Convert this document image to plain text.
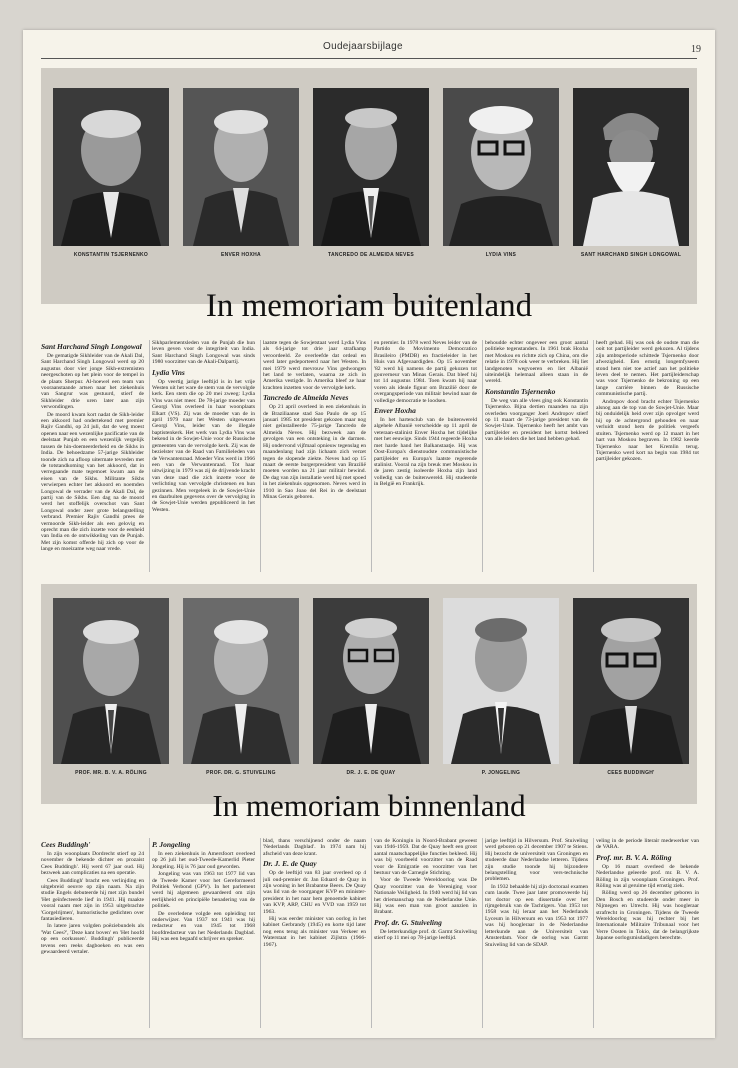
Oudejaarsbijlage	19
KONSTANTIN TSJERNENKO	ENVER HOXHA	TANCREDO DE ALMEIDA NEVES	LYDIA VINS	SANT HARCHAND SINGH LONGOWAL
In memoriam buitenland
Sant Harchand Singh Longowal

De gematigde Sikhleider van de Akali Dal, Sant Harchand Singh Longowal werd op 20 augustus door vier jonge Sikh-extremisten neergeschoten op het plein voor de tempel in de plaats Sherpur. Al-hoewel een team van vooraanstaande artsen naar het ziekenhuis van Sangrur was gestuurd, stierf de Sikhleider drie uren later aan zijn verwondingen.

De moord kwam kort nadat de Sikh-leider een akkoord had ondertekend met premier Rajiv Gandhi, op 24 juli, dat de weg moest openen naar een wezenlijke pacificatie van de deelstaat Punjab en een wezenlijk vergelijk tussen de hin-doemeerderheid en de Sikhs in India. De behoedzame 57-jarige Sikhleider toonde zich na afloop uitermate tevreden met de totstandkoming van het akkoord, dat in verregaande mate tegemoet kwam aan de eisen van de Sikhs. Militante Sikhs verwierpen echter het akkoord en noemden Longowal de verrader van de Akali Dal, de partij van de Sikhs. Een dag na de moord werd het stoffelijk overschot van Sant Longowal onder zeer grote belangstelling verbrand. Premier Rajiv Gandhi prees de vermoorde Sikh-leider als een gelovig en oprecht man die zich inzette voor de eenheid van India en de ontwikkeling van de Punjab. Met zijn komst offerde hij zich op voor de lange en moeizame weg naar vrede.

Sikhparlementsleden van de Punjab die hun leven geven voor de integriteit van India. Sant Harchand Singh Longowal was sinds 1980 voorzitter van de Akali-Dalpartij.

Lydia Vins

Op veertig jarige leeftijd is in het vrije Westen uit het ware de stem van de vervolgde kerk. Een stem die op 20 mei zweeg: Lydia Vins was niet meer. De 78-jarige moeder van Georgi Vins overleed in haar woonplaats Elkart (VS). Zij was de moeder van de in april 1979 naar het Westen uitgewezen Georgi Vins, leider van de illegale baptistenkerk. Het werk van Lydia Vins was bekend in de Sowjet-Unie voor de Russische gemeenten van de vervolgde kerk. Zij was de bezielster van de Raad van Familieleden van de Verwantenraad. Moeder Vins werd in 1966 een van de Verwantenraad. Tot haar uitwijzing in 1979 was zij de drijvende kracht van deze raad die zich inzette voor de verlichting van vervolgde christenen en hun gezinnen. Men vergeleek in de Sowjet-Unie en daarbuiten gegevens over de vervolging in de Sowjet-Unie werden gepubliceerd in het Westen.

laatste tegen de Sowjetstaat werd Lydia Vins als 64-jarige tot drie jaar strafkamp veroordeeld. Ze overleefde dat ordeal en werd later gedeporteerd naar het Westen. In mei 1979 werd mevrouw Vins gedwongen het land te verlaten, waarna ze zich in Amerika vestigde. In Amerika bleef ze haar krachten inzetten voor de vervolgde kerk.

Tancredo de Almeida Neves

Op 21 april overleed in een ziekenhuis in de Braziliaanse stad Sao Paulo de op 15 januari 1985 tot president gekozen maar nog niet geïnstalleerde 75-jarige Tancredo de Almeida Neves. Hij bezweek aan de gevolgen van een ontsteking in de darmen. Hij ondervond vijfmaal opnieuw tegenslag en maandenlang had zijn lichaam zich verzet tegen de slopende ziekte. Neves had op 15 maart de eerste burgerpresident van Brazilië moeten worden na 21 jaar militair bewind. De dag van zijn installatie werd hij met spoed in het ziekenhuis opgenomen. Neves werd in 1910 in Sao Joao del Rei in de deelstaat Minas Gerais geboren.

en premier. In 1978 werd Neves leider van de Partido do Movimento Democratico Brasileiro (PMDB) en fractieleider in het Huis van Afgevaardigden. Op 15 november '82 werd hij namens de partij gekozen tot gouverneur van Minas Gerais. Dat bleef hij tot 14 augustus 1984. Toen kwam hij naar voren als ideale figuur om Brazilië door de overgangsperiode van militair bewind naar de volledige democratie te loodsen.

Enver Hoxha

In het hartenclub van de buitenwereld algehele Albanië verscheidde op 11 april de veteraan-stalinist Enver Hoxha het tijdelijke met het eeuwige. Sinds 1944 regeerde Hoxha met harde hand het Balkanstaatje. Hij was Oost-Europa's dienstoudste communistische partijleider en Europa's laatste regerende stalinist. Vooral na zijn breuk met Moskou in de jaren zestig isoleerde Hoxha zijn land volledig van de buitenwereld. Hij studeerde in België en Frankrijk.

behoudde echter ongeveer een groot aantal politieke tegenstanders. In 1961 brak Hoxha met Moskou en richtte zich op China, om die relatie in 1978 ook weer te verbreken. Hij liet landgenoten wegvoeren en liet Albanië uiteindelijk helemaal alleen staan in de wereld.

Konstantin Tsjernenko

De weg van alle vlees ging ook Konstantin Tsjernenko. Bijna dertien maanden na zijn overleden voorganger Joeri Andropov stierf op 11 maart de 73-jarige president van de Sowjet-Unie. Tsjernenko heeft het ambt van partijleider en president het kortst bekleed van alle leiders die het land hebben gehad.

heeft gehad. Hij was ook de oudste man die ooit tot partijleider werd gekozen. Al tijdens zijn ambtsperiode schittede Tsjernenko door afwezigheid. Een ernstig longemfyseem stond hem niet toe actief aan het politieke leven deel te nemen. Het partijleiderschap was voor Tsjernenko de bekroning op een lange carrière binnen de Russische communistische partij.

Andropov dood bracht echter Tsjernenko alsnog aan de top van de Sowjet-Unie. Maar bij onduidelijk heid over zijn opvolger werd hij op de achtergrond gehouden en naar verluidt stond hem de politiek vergeefs stuiten. Tsjernenko werd op 12 maart in het hart van Moskou begraven. In 1982 keerde Tsjernenko naar het Kremlin terug. Tsjernenko werd kort na begin van 1984 tot partijleider gekozen.

PROF. MR. B. V. A. RÖLING	PROF. DR. G. STUIVELING	DR. J. E. DE QUAY	P. JONGELING	CEES BUDDINGH'
In memoriam binnenland
Cees Buddingh'

In zijn woonplaats Dordrecht stierf op 24 november de bekende dichter en prozaist Cees Buddingh'. Hij werd 67 jaar oud. Hij bezweek aan complicaties na een operatie.

Cees Buddingh' bracht een verlinjding en uitgebreid oeuvre op zijn naam. Na zijn studie Engels debuteerde hij met zijn bundel 'Het geïnfecteerde lied' in 1941. Hij maakte vooral naam met zijn in 1953 uitgebrachte 'Gorgelrijmen', humoristische gedichten over fantasiedieren.

In latere jaren volgden poëziebundels als 'Wat Cees?', 'Deze kant boven' en 'Het hoofd op een oorkussen'. Buddingh' publiceerde tevens een reeks dagboeken en was een gewaardeerd vertaler.

P. Jongeling

In een ziekenhuis in Amersfoort overleed op 26 juli het oud-Tweede-Kamerlid Pieter Jongeling. Hij is 76 jaar oud geworden.

Jongeling was van 1963 tot 1977 lid van de Tweede Kamer voor het Gereformeerd Politiek Verbond (GPV). In het parlement werd hij algemeen gewaardeerd om zijn eerlijkheid en principiële benadering van de politiek.

De overledene volgde een opleiding tot onderwijzer. Van 1937 tot 1941 was hij redacteur en van 1945 tot 1968 hoofdredacteur van het Nederlands Dagblad. Hij was een begaafd schrijver en spreker.

blad, thans verschijnend onder de naam 'Nederlands Dagblad'. In 1974 nam hij afscheid van deze krant.

Dr. J. E. de Quay

Op de leeftijd van 83 jaar overleed op 4 juli oud-premier dr. Jan Eduard de Quay in zijn woning in het Brabantse Beers. De Quay was lid van de voorganger KVP en minister-president in het naar hem genoemde kabinet van KVP, ARP, CHU en VVD van 1959 tot 1963.

Hij was eerder minister van oorlog in het kabinet Gerbrandy (1945) en korte tijd later nog eens terug als minister van Verkeer en Waterstaat in het kabinet Zijlstra (1966-1967).

van de Koningin in Noord-Brabant geweest van 1946-1959. Dat de Quay heeft een groot aantal maatschappelijke functies bekleed. Hij was bij voorbeeld voorzitter van de Raad voor de Emigratie en voorzitter van het bestuur van de Carnegie Stichting.

Voor de Tweede Wereldoorlog was De Quay voorzitter van de Vereniging voor Nationale Veiligheid. In 1940 werd hij lid van het driemanschap van de Nederlandse Unie. Hij was een man van groot aanzien in Brabant.

Prof. dr. G. Stuiveling

De letterkundige prof. dr. Garmt Stuiveling stierf op 11 mei op 78-jarige leeftijd.

jarige leeftijd in Hilversum. Prof. Stuiveling werd geboren op 21 december 1907 te Stiens. Hij bezocht de universiteit van Groningen en studeerde daar Nederlandse letteren. Tijdens zijn studie toonde hij bijzondere belangstelling voor vers-technische problemen.

In 1932 behaalde hij zijn doctoraal examen cum laude. Twee jaar later promoveerde hij tot doctor op een dissertatie over het rijmgebruik van de Tachtigers. Van 1953 tot 1958 was hij leraar aan het Nederlands Lyceum in Hilversum en van 1953 tot 1977 was hij hoogleraar in de Nederlandse letterkunde aan de Universiteit van Amsterdam. Voor de oorlog was Garmt Stuiveling lid van de SDAP.

veling in de periode literair medewerker van de VARA.

Prof. mr. B. V. A. Röling

Op 16 maart overleed de bekende Nederlandse geleerde prof. mr. B. V. A. Röling in zijn woonplaats Groningen. Prof. Röling was al geruime tijd ernstig ziek.

Röling werd op 26 december geboren in Den Bosch en studeerde onder meer in Nijmegen en Utrecht. Hij was hoogleraar strafrecht in Groningen. Tijdens de Tweede Wereldoorlog was hij rechter bij het Internationale Militaire Tribunaal voor het Verre Oosten in Tokio, dat de belangrijkste Japanse oorlogsmisdadigers berechtte.
